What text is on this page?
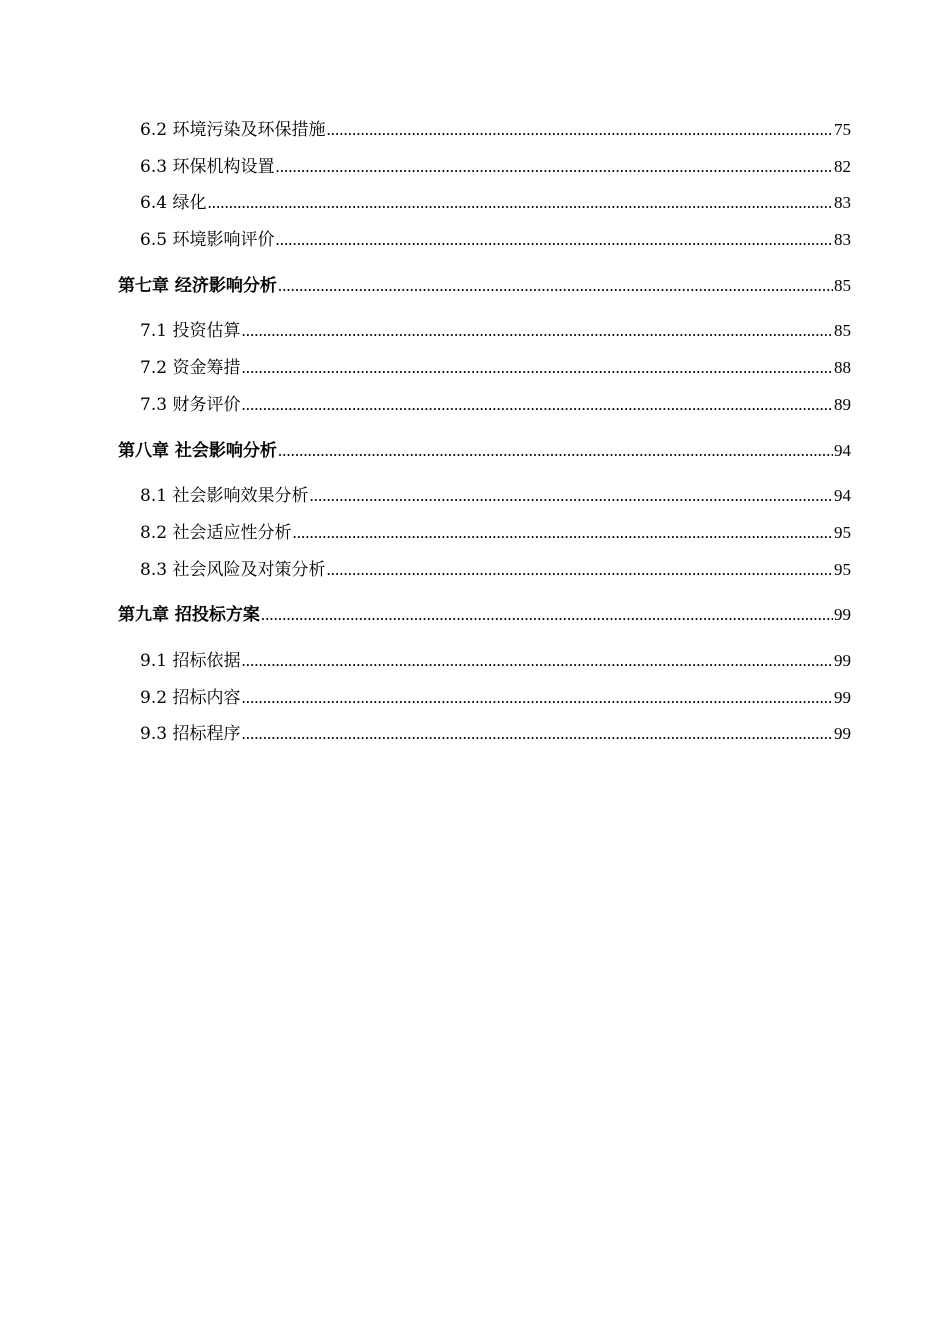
6.2 环境污染及环保措施 .....	75
6.3 环保机构设置 .....	82
6.4 绿化 .....	83
6.5 环境影响评价 .....	83
第七章 经济影响分析 .....	85
7.1 投资估算 .....	85
7.2 资金筹措 .....	88
7.3 财务评价 .....	89
第八章 社会影响分析 .....	94
8.1 社会影响效果分析 .....	94
8.2 社会适应性分析 .....	95
8.3 社会风险及对策分析 .....	95
第九章 招投标方案 .....	99
9.1 招标依据 .....	99
9.2 招标内容 .....	99
9.3 招标程序 .....	99
